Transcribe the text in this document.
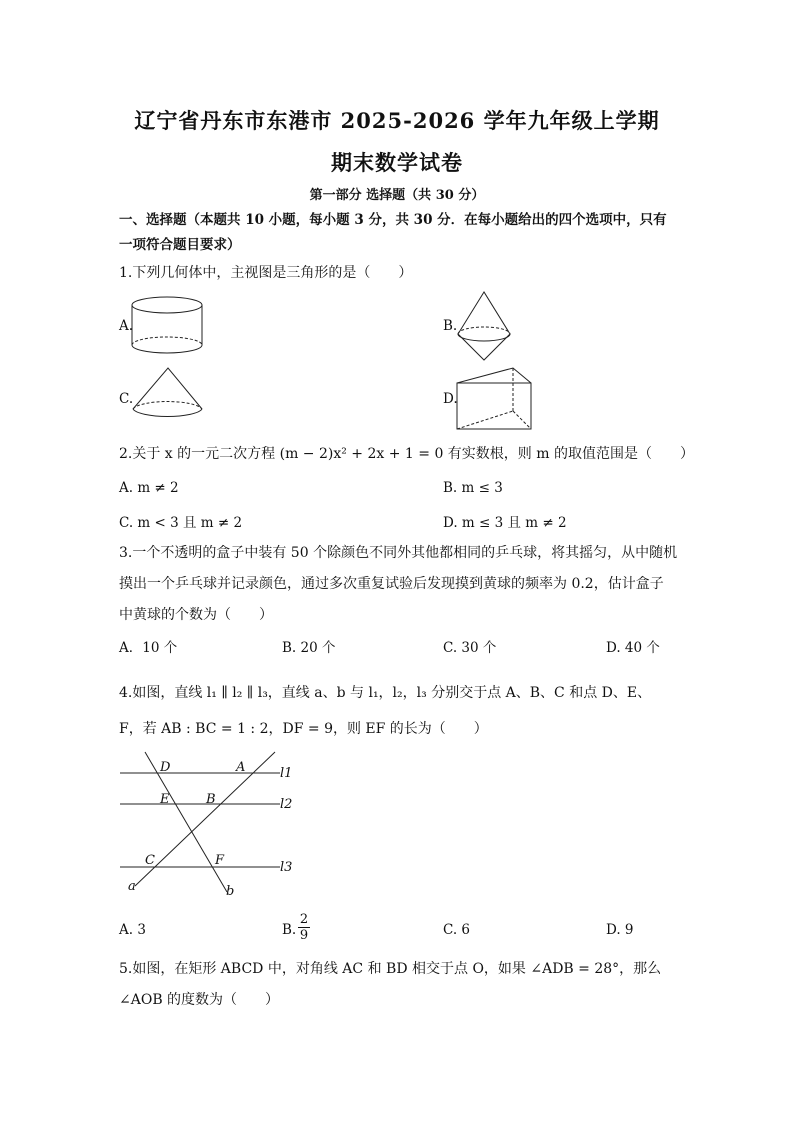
辽宁省丹东市东港市 2025-2026 学年九年级上学期
期末数学试卷
第一部分 选择题（共 30 分）
一、选择题（本题共 10 小题，每小题 3 分，共 30 分．在每小题给出的四个选项中，只有
一项符合题目要求）
1.下列几何体中，主视图是三角形的是（　　）
A.	B.
C.	D.
2.关于 x 的一元二次方程 (m − 2)x² + 2x + 1 = 0 有实数根，则 m 的取值范围是（　　）
A. m ≠ 2	B. m ≤ 3
C. m < 3 且 m ≠ 2	D. m ≤ 3 且 m ≠ 2
3.一个不透明的盒子中装有 50 个除颜色不同外其他都相同的乒乓球，将其摇匀，从中随机
摸出一个乒乓球并记录颜色，通过多次重复试验后发现摸到黄球的频率为 0.2，估计盒子
中黄球的个数为（　　）
A．10 个	B. 20 个	C. 30 个	D. 40 个
4.如图，直线 l₁ ∥ l₂ ∥ l₃，直线 a、b 与 l₁，l₂，l₃ 分别交于点 A、B、C 和点 D、E、
F，若 AB : BC = 1 : 2，DF = 9，则 EF 的长为（　　）
D	A	l1
E	B	l2
C	F	l3
a	b
A. 3	B. $\frac{2}{9}$	C. 6	D. 9
5.如图，在矩形 ABCD 中，对角线 AC 和 BD 相交于点 O，如果 ∠ADB = 28°，那么
∠AOB 的度数为（　　）
